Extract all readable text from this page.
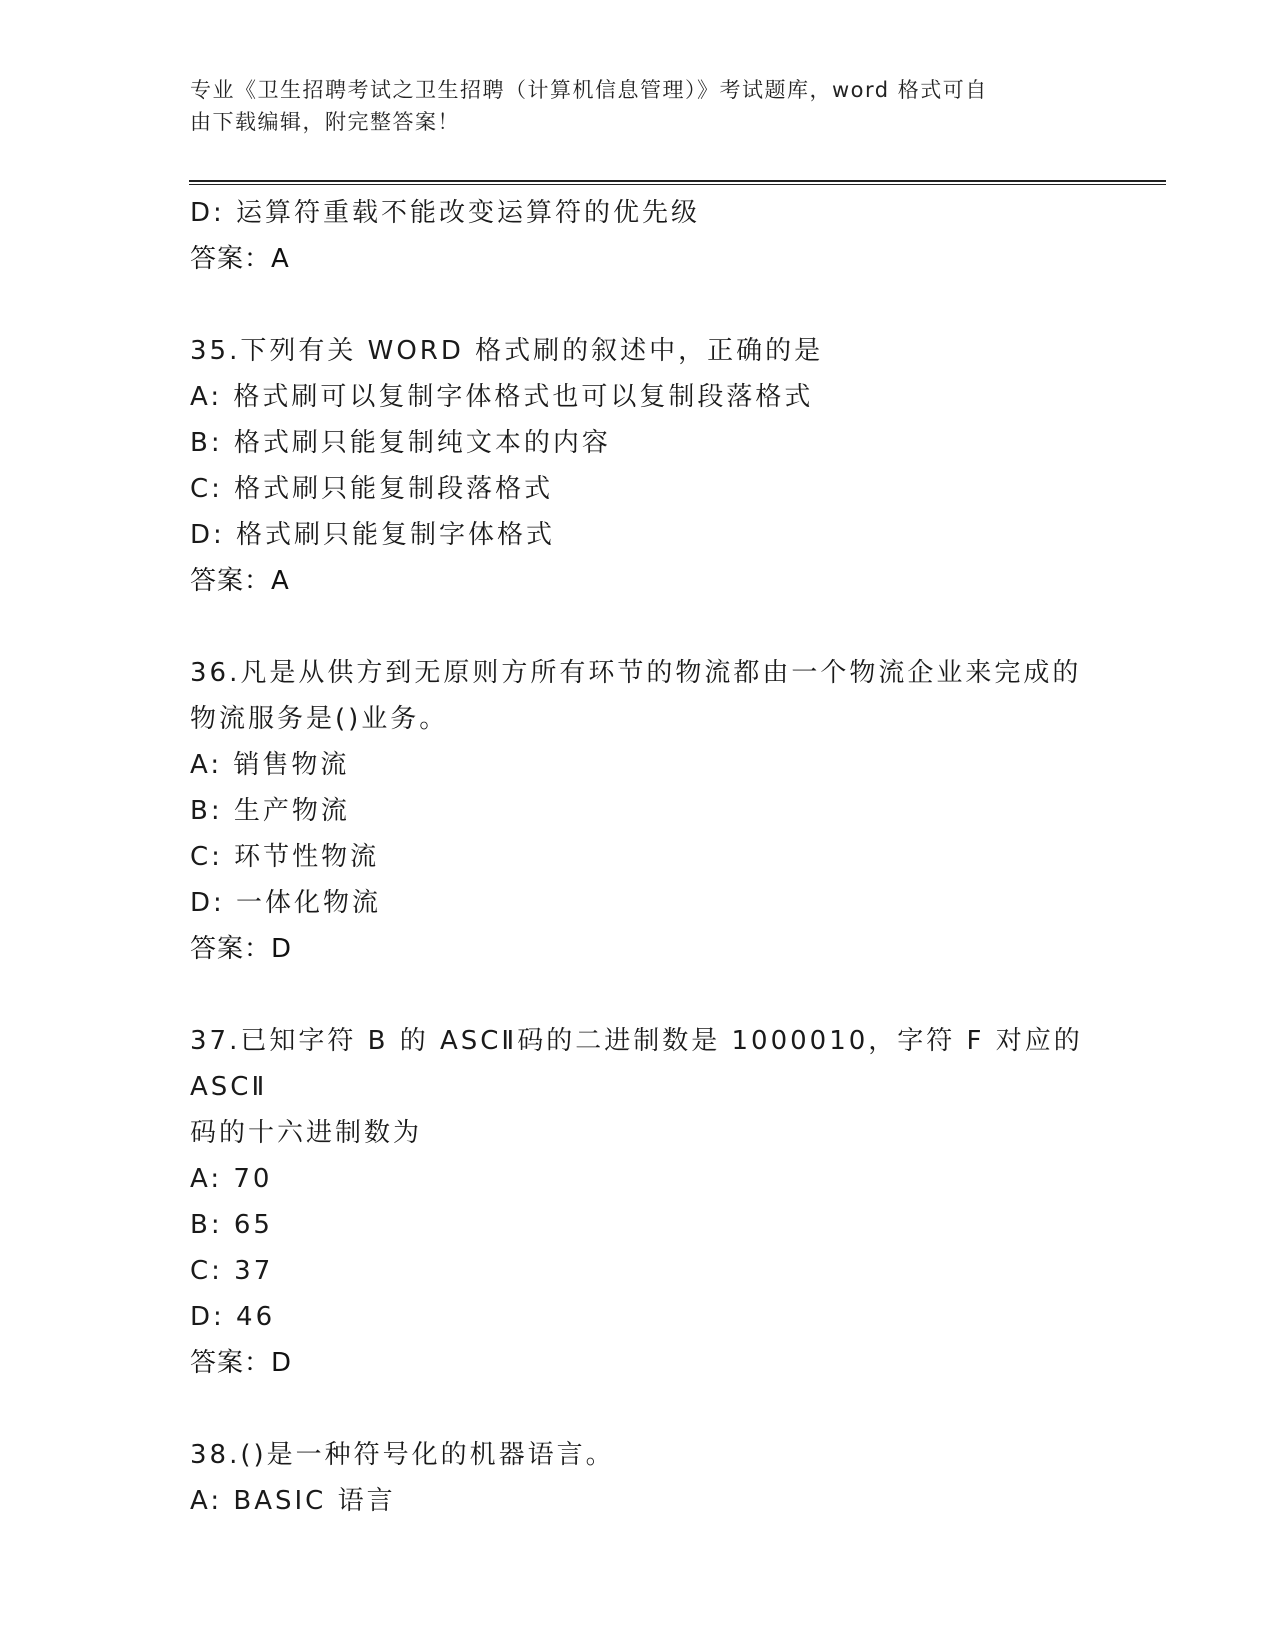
专业《卫生招聘考试之卫生招聘（计算机信息管理）》考试题库，word 格式可自
由下载编辑，附完整答案！
D: 运算符重载不能改变运算符的优先级
答案：A
35.下列有关 WORD 格式刷的叙述中，正确的是
A: 格式刷可以复制字体格式也可以复制段落格式
B: 格式刷只能复制纯文本的内容
C: 格式刷只能复制段落格式
D: 格式刷只能复制字体格式
答案：A
36.凡是从供方到无原则方所有环节的物流都由一个物流企业来完成的
物流服务是()业务。
A: 销售物流
B: 生产物流
C: 环节性物流
D: 一体化物流
答案：D
37.已知字符 B 的 ASCⅡ码的二进制数是 1000010，字符 F 对应的 ASCⅡ
码的十六进制数为
A: 70
B: 65
C: 37
D: 46
答案：D
38.()是一种符号化的机器语言。
A: BASIC 语言
